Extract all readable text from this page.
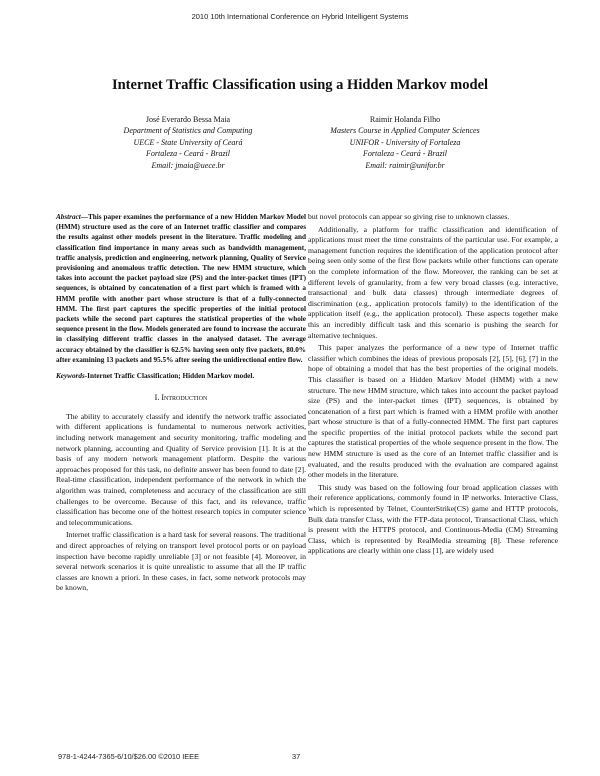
2010 10th International Conference on Hybrid Intelligent Systems
Internet Traffic Classification using a Hidden Markov model
José Everardo Bessa Maia
Department of Statistics and Computing
UECE - State University of Ceará
Fortaleza - Ceará - Brazil
Email: jmaia@uece.br
Raimir Holanda Filho
Masters Course in Applied Computer Sciences
UNIFOR - University of Fortaleza
Fortaleza - Ceará - Brazil
Email: raimir@unifor.br
Abstract—This paper examines the performance of a new Hidden Markov Model (HMM) structure used as the core of an Internet traffic classifier and compares the results against other models present in the literature. Traffic modeling and classification find importance in many areas such as bandwidth management, traffic analysis, prediction and engineering, network planning, Quality of Service provisioning and anomalous traffic detection. The new HMM structure, which takes into account the packet payload size (PS) and the inter-packet times (IPT) sequences, is obtained by concatenation of a first part which is framed with a HMM profile with another part whose structure is that of a fully-connected HMM. The first part captures the specific properties of the initial protocol packets while the second part captures the statistical properties of the whole sequence present in the flow. Models generated are found to increase the accurate in classifying different traffic classes in the analysed dataset. The average accuracy obtained by the classifier is 62.5% having seen only five packets, 80.0% after examining 13 packets and 95.5% after seeing the unidirectional entire flow.
Keywords-Internet Traffic Classification; Hidden Markov model.
I. Introduction

The ability to accurately classify and identify the network traffic associated with different applications is fundamental to numerous network activities, including network management and security monitoring, traffic modeling and network planning, accounting and Quality of Service provision [1]. It is at the basis of any modern network management platform. Despite the various approaches proposed for this task, no definite answer has been found to date [2]. Real-time classification, independent performance of the network in which the algorithm was trained, completeness and accuracy of the classification are still challenges to be overcome. Because of this fact, and its relevance, traffic classification has become one of the hottest research topics in computer science and telecommunications.

Internet traffic classification is a hard task for several reasons. The traditional and direct approaches of relying on transport level protocol ports or on payload inspection have become rapidly unreliable [3] or not feasible [4]. Moreover, in several network scenarios it is quite unrealistic to assume that all the IP traffic classes are known a priori. In these cases, in fact, some network protocols may be known,

but novel protocols can appear so giving rise to unknown classes.

Additionally, a platform for traffic classification and identification of applications must meet the time constraints of the particular use. For example, a management function requires the identification of the application protocol after being seen only some of the first flow packets while other functions can operate on the complete information of the flow. Moreover, the ranking can be set at different levels of granularity, from a few very broad classes (e.g. interactive, transactional and bulk data classes) through intermediate degrees of discrimination (e.g., application protocols family) to the identification of the application itself (e.g., the application protocol). These aspects together make this an incredibly difficult task and this scenario is pushing the search for alternative techniques.

This paper analyzes the performance of a new type of Internet traffic classifier which combines the ideas of previous proposals [2], [5], [6], [7] in the hope of obtaining a model that has the best properties of the original models. This classifier is based on a Hidden Markov Model (HMM) with a new structure. The new HMM structure, which takes into account the packet payload size (PS) and the inter-packet times (IPT) sequences, is obtained by concatenation of a first part which is framed with a HMM profile with another part whose structure is that of a fully-connected HMM. The first part captures the specific properties of the initial protocol packets while the second part captures the statistical properties of the whole sequence present in the flow. The new HMM structure is used as the core of an Internet traffic classifier and is evaluated, and the results produced with the evaluation are compared against other models in the literature.

This study was based on the following four broad application classes with their reference applications, commonly found in IP networks. Interactive Class, which is represented by Telnet, CounterStrike(CS) game and HTTP protocols, Bulk data transfer Class, with the FTP-data protocol, Transactional Class, which is present with the HTTPS protocol, and Continuous-Media (CM) Streaming Class, which is represented by RealMedia streaming [8]. These reference applications are clearly within one class [1], are widely used

978-1-4244-7365-6/10/$26.00 ©2010 IEEE	37
